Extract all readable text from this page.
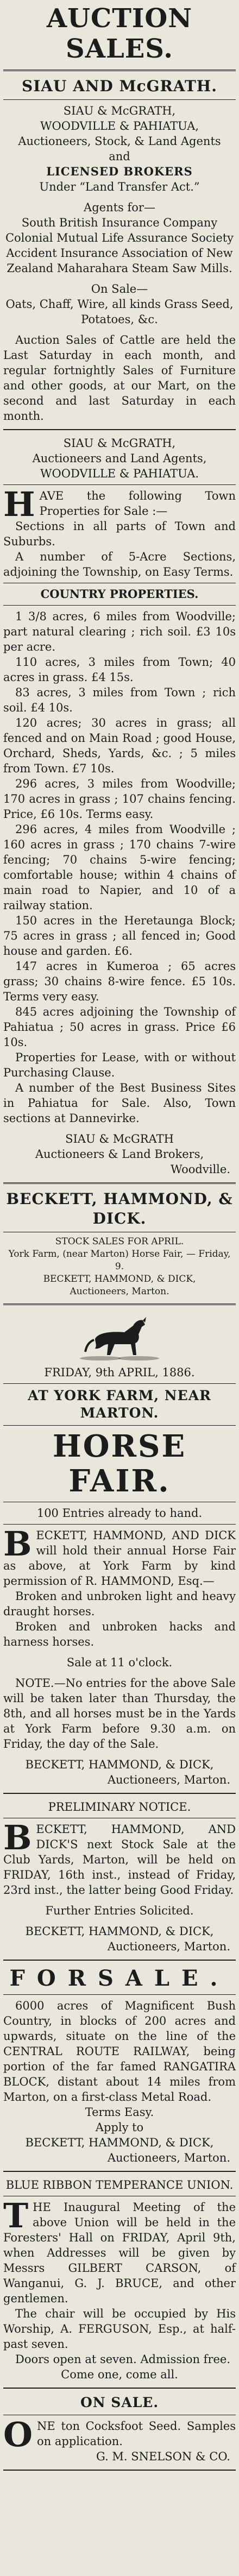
AUCTION SALES.
SIAU AND McGRATH.

SIAU & McGRATH,

WOODVILLE & PAHIATUA,

Auctioneers, Stock, & Land Agents

and

LICENSED BROKERS

Under “Land Transfer Act.”

Agents for—

South British Insurance Company Colonial Mutual Life Assurance Society Accident Insurance Association of New Zealand Maharahara Steam Saw Mills.

On Sale—

Oats, Chaff, Wire, all kinds Grass Seed, Potatoes, &c.

Auction Sales of Cattle are held the Last Saturday in each month, and regular fortnightly Sales of Furniture and other goods, at our Mart, on the second and last Saturday in each month.

SIAU & McGRATH,

Auctioneers and Land Agents,

WOODVILLE & PAHIATUA.

HAVE the following Town Properties for Sale :—

Sections in all parts of Town and Suburbs.

A number of 5-Acre Sections, adjoining the Township, on Easy Terms.

COUNTRY PROPERTIES.

1 3/8 acres, 6 miles from Woodville; part natural clearing ; rich soil. £3 10s per acre.

110 acres, 3 miles from Town; 40 acres in grass. £4 15s.

83 acres, 3 miles from Town ; rich soil. £4 10s.

120 acres; 30 acres in grass; all fenced and on Main Road ; good House, Orchard, Sheds, Yards, &c. ; 5 miles from Town. £7 10s.

296 acres, 3 miles from Woodville; 170 acres in grass ; 107 chains fencing. Price, £6 10s. Terms easy.

296 acres, 4 miles from Woodville ; 160 acres in grass ; 170 chains 7-wire fencing; 70 chains 5-wire fencing; comfortable house; within 4 chains of main road to Napier, and 10 of a railway station.

150 acres in the Heretaunga Block; 75 acres in grass ; all fenced in; Good house and garden. £6.

147 acres in Kumeroa ; 65 acres grass; 30 chains 8-wire fence. £5 10s. Terms very easy.

845 acres adjoining the Township of Pahiatua ; 50 acres in grass. Price £6 10s.

Properties for Lease, with or without Purchasing Clause.

A number of the Best Business Sites in Pahiatua for Sale. Also, Town sections at Dannevirke.

SIAU & McGRATH

Auctioneers & Land Brokers,

Woodville.

BECKETT, HAMMOND, &

DICK.

STOCK SALES FOR APRIL.

York Farm, (near Marton) Horse Fair, — Friday, 9.

BECKETT, HAMMOND, & DICK,

Auctioneers, Marton.

FRIDAY, 9th APRIL, 1886.

AT YORK FARM, NEAR MARTON.

HORSE FAIR.

100 Entries already to hand.

BECKETT, HAMMOND, AND DICK will hold their annual Horse Fair as above, at York Farm by kind permission of R. HAMMOND, Esq.—

Broken and unbroken light and heavy draught horses.

Broken and unbroken hacks and harness horses.

Sale at 11 o'clock.

NOTE.—No entries for the above Sale will be taken later than Thursday, the 8th, and all horses must be in the Yards at York Farm before 9.30 a.m. on Friday, the day of the Sale.

BECKETT, HAMMOND, & DICK,

Auctioneers, Marton.

PRELIMINARY NOTICE.

BECKETT, HAMMOND, AND DICK'S next Stock Sale at the Club Yards, Marton, will be held on FRIDAY, 16th inst., instead of Friday, 23rd inst., the latter being Good Friday.

Further Entries Solicited.

BECKETT, HAMMOND, & DICK,

Auctioneers, Marton.

FORSALE.

6000 acres of Magnificent Bush Country, in blocks of 200 acres and upwards, situate on the line of the CENTRAL ROUTE RAILWAY, being portion of the far famed RANGATIRA BLOCK, distant about 14 miles from Marton, on a first-class Metal Road.

Terms Easy.

Apply to

BECKETT, HAMMOND, & DICK,

Auctioneers, Marton.

BLUE RIBBON TEMPERANCE UNION.

THE Inaugural Meeting of the above Union will be held in the Foresters' Hall on FRIDAY, April 9th, when Addresses will be given by Messrs GILBERT CARSON, of Wanganui, G. J. BRUCE, and other gentlemen.

The chair will be occupied by His Worship, A. FERGUSON, Esp., at half-past seven.

Doors open at seven. Admission free.

Come one, come all.

ON SALE.

ONE ton Cocksfoot Seed. Samples on application.

G. M. SNELSON & CO.
